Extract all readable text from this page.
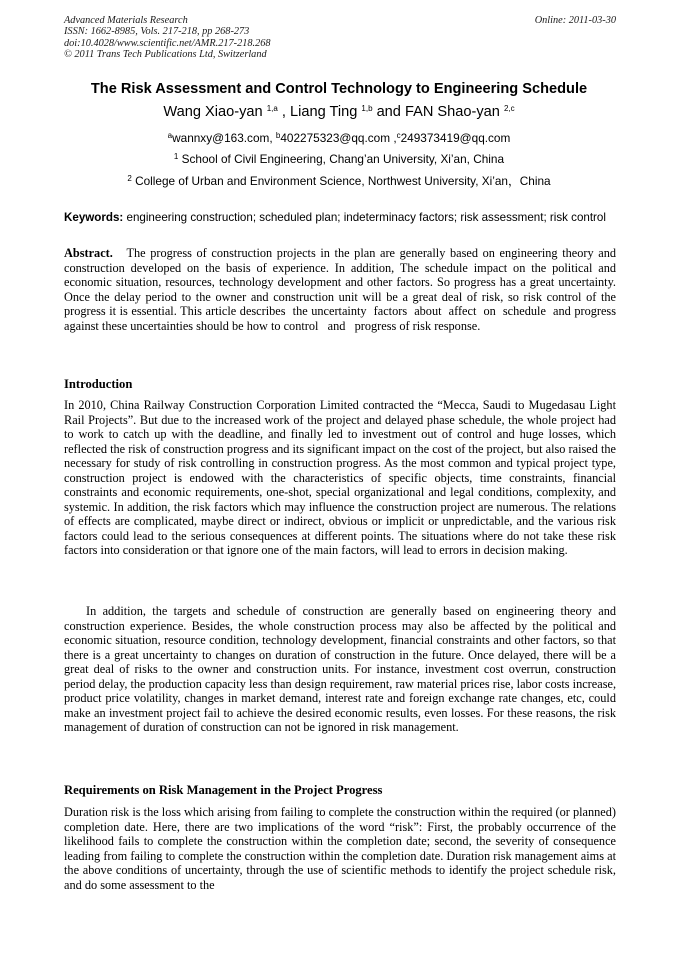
Advanced Materials Research
ISSN: 1662-8985, Vols. 217-218, pp 268-273
doi:10.4028/www.scientific.net/AMR.217-218.268
© 2011 Trans Tech Publications Ltd, Switzerland
Online: 2011-03-30
The Risk Assessment and Control Technology to Engineering Schedule
Wang Xiao-yan $^{1,a}$ , Liang Ting $^{1,b}$ and FAN Shao-yan $^{2,c}$
$^a$wannxy@163.com, $^b$402275323@qq.com ,$^c$249373419@qq.com
$^1$ School of Civil Engineering, Chang’an University, Xi’an, China
$^2$ College of Urban and Environment Science, Northwest University, Xi’an，China
Keywords: engineering construction; scheduled plan; indeterminacy factors; risk assessment; risk control
Abstract.   The progress of construction projects in the plan are generally based on engineering theory and construction developed on the basis of experience. In addition, The schedule impact on the political and economic situation, resources, technology development and other factors. So progress has a great uncertainty. Once the delay period to the owner and construction unit will be a great deal of risk, so risk control of the progress it is essential. This article describes  the uncertainty  factors  about  affect  on  schedule  and progress against these uncertainties should be how to control   and   progress of risk response.
Introduction
In 2010, China Railway Construction Corporation Limited contracted the “Mecca, Saudi to Mugedasau Light Rail Projects”. But due to the increased work of the project and delayed phase schedule, the whole project had to work to catch up with the deadline, and finally led to investment out of control and huge losses, which reflected the risk of construction progress and its significant impact on the cost of the project, but also raised the necessary for study of risk controlling in construction progress. As the most common and typical project type, construction project is endowed with the characteristics of specific objects, time constraints, financial constraints and economic requirements, one-shot, special organizational and legal conditions, complexity, and systemic. In addition, the risk factors which may influence the construction project are numerous. The relations of effects are complicated, maybe direct or indirect, obvious or implicit or unpredictable, and the various risk factors could lead to the serious consequences at different points. The situations where do not take these risk factors into consideration or that ignore one of the main factors, will lead to errors in decision making.
In addition, the targets and schedule of construction are generally based on engineering theory and construction experience. Besides, the whole construction process may also be affected by the political and economic situation, resource condition, technology development, financial constraints and other factors, so that there is a great uncertainty to changes on duration of construction in the future. Once delayed, there will be a great deal of risks to the owner and construction units. For instance, investment cost overrun, construction period delay, the production capacity less than design requirement, raw material prices rise, labor costs increase, product price volatility, changes in market demand, interest rate and foreign exchange rate changes, etc, could make an investment project fail to achieve the desired economic results, even losses. For these reasons, the risk management of duration of construction can not be ignored in risk management.
Requirements on Risk Management in the Project Progress
Duration risk is the loss which arising from failing to complete the construction within the required (or planned) completion date. Here, there are two implications of the word “risk”: First, the probably occurrence of the likelihood fails to complete the construction within the completion date; second, the severity of consequence leading from failing to complete the construction within the completion date. Duration risk management aims at the above conditions of uncertainty, through the use of scientific methods to identify the project schedule risk, and do some assessment to the
